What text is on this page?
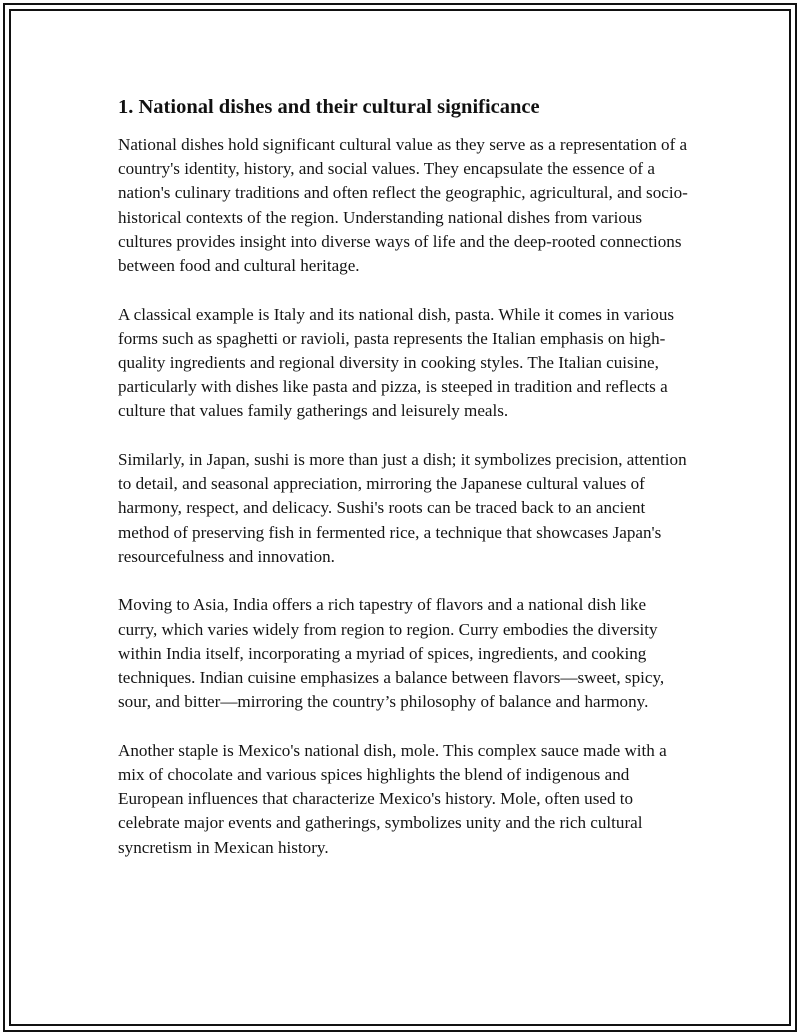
1. National dishes and their cultural significance

National dishes hold significant cultural value as they serve as a representation of a country's identity, history, and social values. They encapsulate the essence of a nation's culinary traditions and often reflect the geographic, agricultural, and socio-historical contexts of the region. Understanding national dishes from various cultures provides insight into diverse ways of life and the deep-rooted connections between food and cultural heritage.

A classical example is Italy and its national dish, pasta. While it comes in various forms such as spaghetti or ravioli, pasta represents the Italian emphasis on high-quality ingredients and regional diversity in cooking styles. The Italian cuisine, particularly with dishes like pasta and pizza, is steeped in tradition and reflects a culture that values family gatherings and leisurely meals.

Similarly, in Japan, sushi is more than just a dish; it symbolizes precision, attention to detail, and seasonal appreciation, mirroring the Japanese cultural values of harmony, respect, and delicacy. Sushi's roots can be traced back to an ancient method of preserving fish in fermented rice, a technique that showcases Japan's resourcefulness and innovation.

Moving to Asia, India offers a rich tapestry of flavors and a national dish like curry, which varies widely from region to region. Curry embodies the diversity within India itself, incorporating a myriad of spices, ingredients, and cooking techniques. Indian cuisine emphasizes a balance between flavors—sweet, spicy, sour, and bitter—mirroring the country’s philosophy of balance and harmony.

Another staple is Mexico's national dish, mole. This complex sauce made with a mix of chocolate and various spices highlights the blend of indigenous and European influences that characterize Mexico's history. Mole, often used to celebrate major events and gatherings, symbolizes unity and the rich cultural syncretism in Mexican history.
